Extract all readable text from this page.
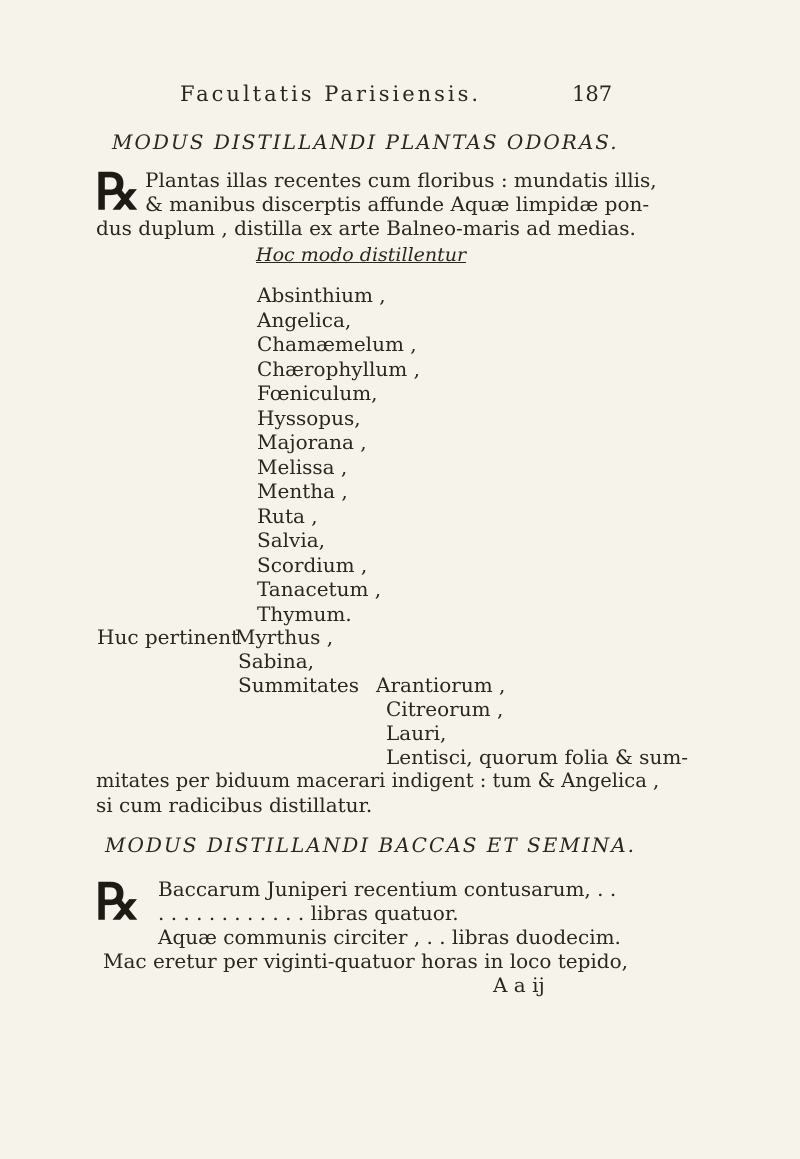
Facultatis Parisiensis.	187
MODUS DISTILLANDI PLANTAS ODORAS.
℞ Plantas illas recentes cum floribus : mundatis illis,
& manibus discerptis affunde Aquæ limpidæ pon-
dus duplum , distilla ex arte Balneo-maris ad medias.
Hoc modo distillentur
Absinthium ,
Angelica,
Chamæmelum ,
Chærophyllum ,
Fœniculum,
Hyssopus,
Majorana ,
Melissa ,
Mentha ,
Ruta ,
Salvia,
Scordium ,
Tanacetum ,
Thymum.
Huc pertinent
Myrthus ,
Sabina,
Summitates Arantiorum ,
Citreorum ,
Lauri,
Lentisci, quorum folia & sum-
mitates per biduum macerari indigent : tum & Angelica ,
si cum radicibus distillatur.
MODUS DISTILLANDI BACCAS ET SEMINA.
℞ Baccarum Juniperi recentium contusarum, . .
. . . . . . . . . . . . libras quatuor.
Aquæ communis circiter , . . libras duodecim.
Mac eretur per viginti-quatuor horas in loco tepido,
A a ij
